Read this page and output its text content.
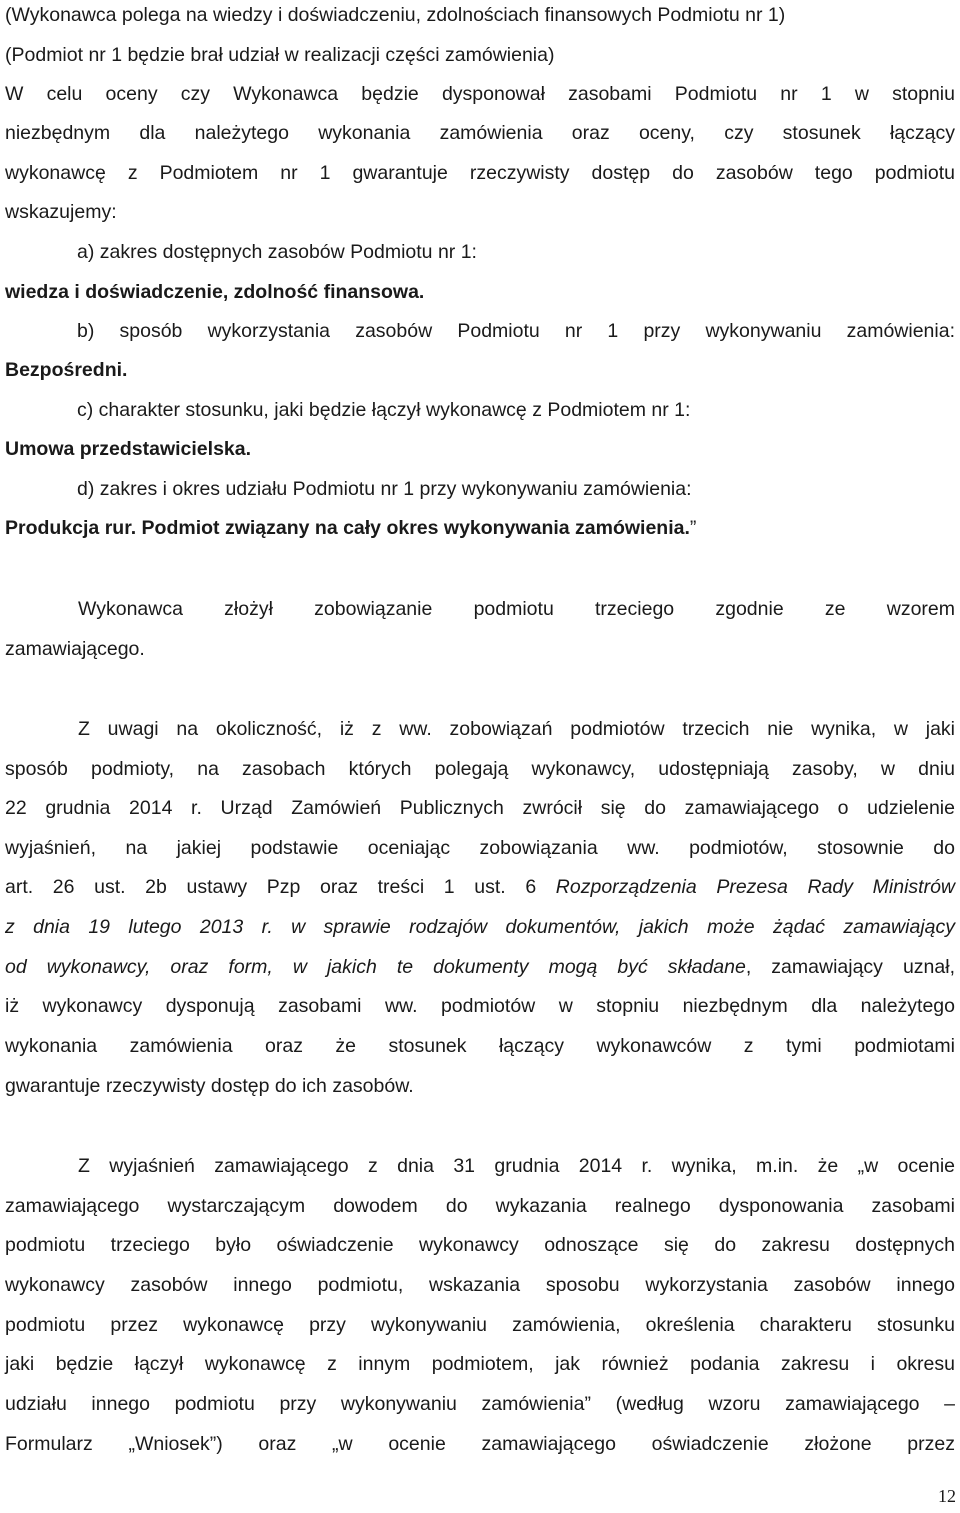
(Wykonawca polega na wiedzy i doświadczeniu, zdolnościach finansowych Podmiotu nr 1)
(Podmiot nr 1 będzie brał udział w realizacji części zamówienia)
W celu oceny czy Wykonawca będzie dysponował zasobami Podmiotu nr 1 w stopniu
niezbędnym dla należytego wykonania zamówienia oraz oceny, czy stosunek łączący
wykonawcę z Podmiotem nr 1 gwarantuje rzeczywisty dostęp do zasobów tego podmiotu
wskazujemy:
a) zakres dostępnych zasobów Podmiotu nr 1:
wiedza i doświadczenie, zdolność finansowa.
b) sposób wykorzystania zasobów Podmiotu nr 1 przy wykonywaniu zamówienia:
Bezpośredni.
c) charakter stosunku, jaki będzie łączył wykonawcę z Podmiotem nr 1:
Umowa przedstawicielska.
d) zakres i okres udziału Podmiotu nr 1 przy wykonywaniu zamówienia:
Produkcja rur. Podmiot związany na cały okres wykonywania zamówienia.”
Wykonawca złożył zobowiązanie podmiotu trzeciego zgodnie ze wzorem
zamawiającego.
Z uwagi na okoliczność, iż z ww. zobowiązań podmiotów trzecich nie wynika, w jaki
sposób podmioty, na zasobach których polegają wykonawcy, udostępniają zasoby, w dniu
22 grudnia 2014 r. Urząd Zamówień Publicznych zwrócił się do zamawiającego o udzielenie
wyjaśnień, na jakiej podstawie oceniając zobowiązania ww. podmiotów, stosownie do
art. 26 ust. 2b ustawy Pzp oraz treści 1 ust. 6 Rozporządzenia Prezesa Rady Ministrów
z dnia 19 lutego 2013 r. w sprawie rodzajów dokumentów, jakich może żądać zamawiający
od wykonawcy, oraz form, w jakich te dokumenty mogą być składane, zamawiający uznał,
iż wykonawcy dysponują zasobami ww. podmiotów w stopniu niezbędnym dla należytego
wykonania zamówienia oraz że stosunek łączący wykonawców z tymi podmiotami
gwarantuje rzeczywisty dostęp do ich zasobów.
Z wyjaśnień zamawiającego z dnia 31 grudnia 2014 r. wynika, m.in. że „w ocenie
zamawiającego wystarczającym dowodem do wykazania realnego dysponowania zasobami
podmiotu trzeciego było oświadczenie wykonawcy odnoszące się do zakresu dostępnych
wykonawcy zasobów innego podmiotu, wskazania sposobu wykorzystania zasobów innego
podmiotu przez wykonawcę przy wykonywaniu zamówienia, określenia charakteru stosunku
jaki będzie łączył wykonawcę z innym podmiotem, jak również podania zakresu i okresu
udziału innego podmiotu przy wykonywaniu zamówienia” (według wzoru zamawiającego –
Formularz „Wniosek”) oraz „w ocenie zamawiającego oświadczenie złożone przez
12
